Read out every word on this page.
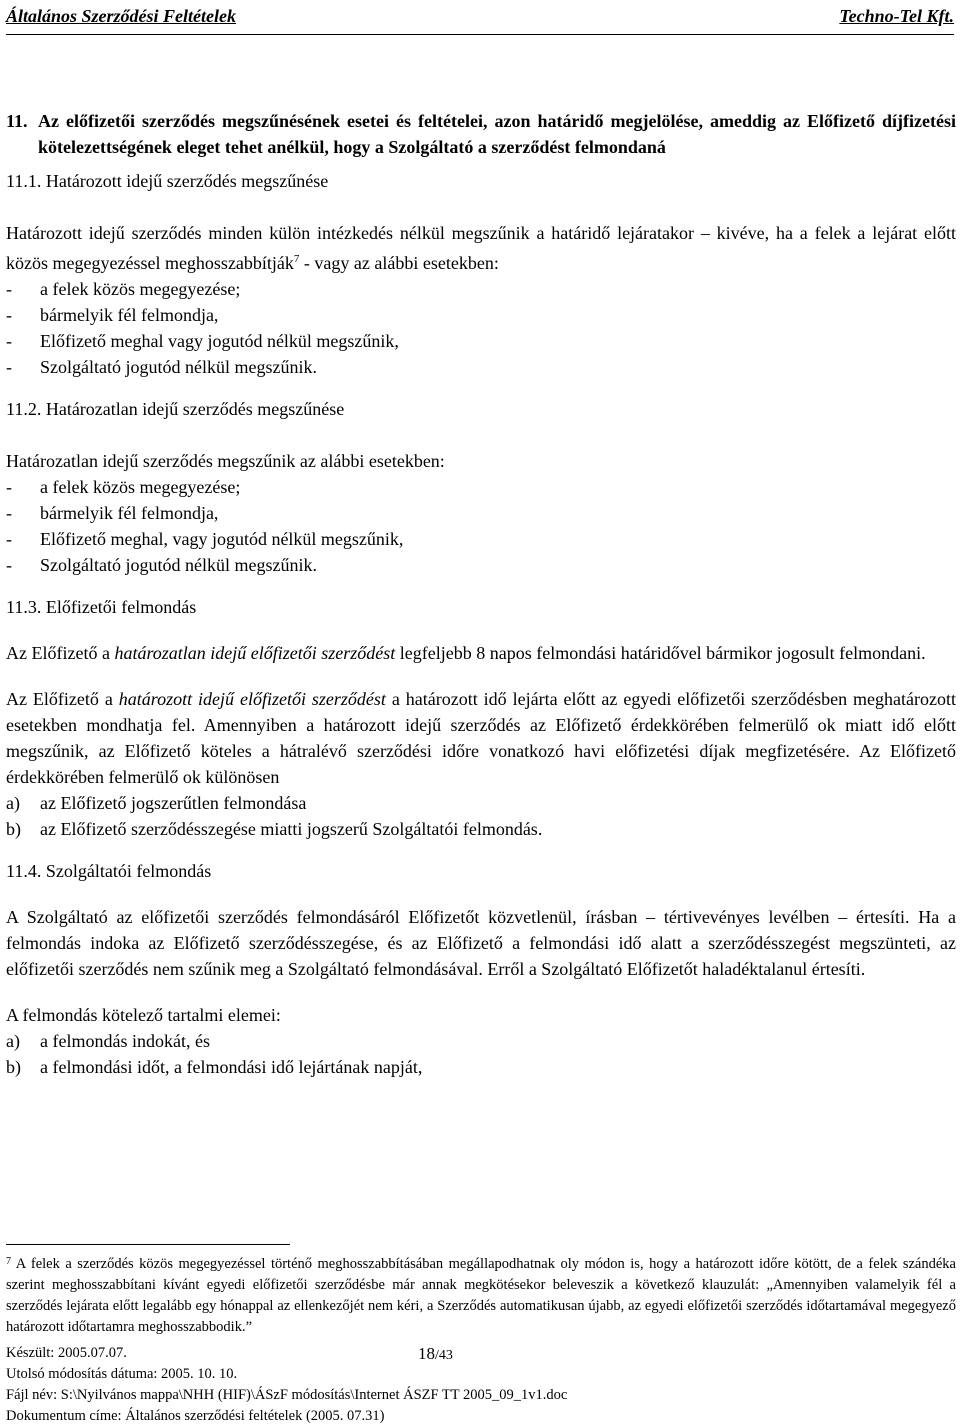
Általános Szerződési Feltételek	Techno-Tel Kft.
11. Az előfizetői szerződés megszűnésének esetei és feltételei, azon határidő megjelölése, ameddig az Előfizető díjfizetési kötelezettségének eleget tehet anélkül, hogy a Szolgáltató a szerződést felmondaná

11.1. Határozott idejű szerződés megszűnése

Határozott idejű szerződés minden külön intézkedés nélkül megszűnik a határidő lejáratakor – kivéve, ha a felek a lejárat előtt közös megegyezéssel meghosszabbítják$^7$ - vagy az alábbi esetekben:

-	a felek közös megegyezése;
-	bármelyik fél felmondja,
-	Előfizető meghal vagy jogutód nélkül megszűnik,
-	Szolgáltató jogutód nélkül megszűnik.

11.2. Határozatlan idejű szerződés megszűnése

Határozatlan idejű szerződés megszűnik az alábbi esetekben:

-	a felek közös megegyezése;
-	bármelyik fél felmondja,
-	Előfizető meghal, vagy jogutód nélkül megszűnik,
-	Szolgáltató jogutód nélkül megszűnik.

11.3. Előfizetői felmondás

Az Előfizető a határozatlan idejű előfizetői szerződést legfeljebb 8 napos felmondási határidővel bármikor jogosult felmondani.

Az Előfizető a határozott idejű előfizetői szerződést a határozott idő lejárta előtt az egyedi előfizetői szerződésben meghatározott esetekben mondhatja fel. Amennyiben a határozott idejű szerződés az Előfizető érdekkörében felmerülő ok miatt idő előtt megszűnik, az Előfizető köteles a hátralévő szerződési időre vonatkozó havi előfizetési díjak megfizetésére. Az Előfizető érdekkörében felmerülő ok különösen

a)	az Előfizető jogszerűtlen felmondása
b)	az Előfizető szerződésszegése miatti jogszerű Szolgáltatói felmondás.

11.4. Szolgáltatói felmondás

A Szolgáltató az előfizetői szerződés felmondásáról Előfizetőt közvetlenül, írásban – tértivevényes levélben – értesíti. Ha a felmondás indoka az Előfizető szerződésszegése, és az Előfizető a felmondási idő alatt a szerződésszegést megszünteti, az előfizetői szerződés nem szűnik meg a Szolgáltató felmondásával. Erről a Szolgáltató Előfizetőt haladéktalanul értesíti.

A felmondás kötelező tartalmi elemei:

a)	a felmondás indokát, és
b)	a felmondási időt, a felmondási idő lejártának napját,

$^7$ A felek a szerződés közös megegyezéssel történő meghosszabbításában megállapodhatnak oly módon is, hogy a határozott időre kötött, de a felek szándéka szerint meghosszabbítani kívánt egyedi előfizetői szerződésbe már annak megkötésekor beleveszik a következő klauzulát: „Amennyiben valamelyik fél a szerződés lejárata előtt legalább egy hónappal az ellenkezőjét nem kéri, a Szerződés automatikusan újabb, az egyedi előfizetői szerződés időtartamával megegyező határozott időtartamra meghosszabbodik.”

Készült: 2005.07.07.	18/43
Utolsó módosítás dátuma: 2005. 10. 10.
Fájl név: S:\Nyilvános mappa\NHH (HIF)\ÁSzF módosítás\Internet ÁSZF TT 2005_09_1v1.doc
Dokumentum címe: Általános szerződési feltételek (2005. 07.31)
